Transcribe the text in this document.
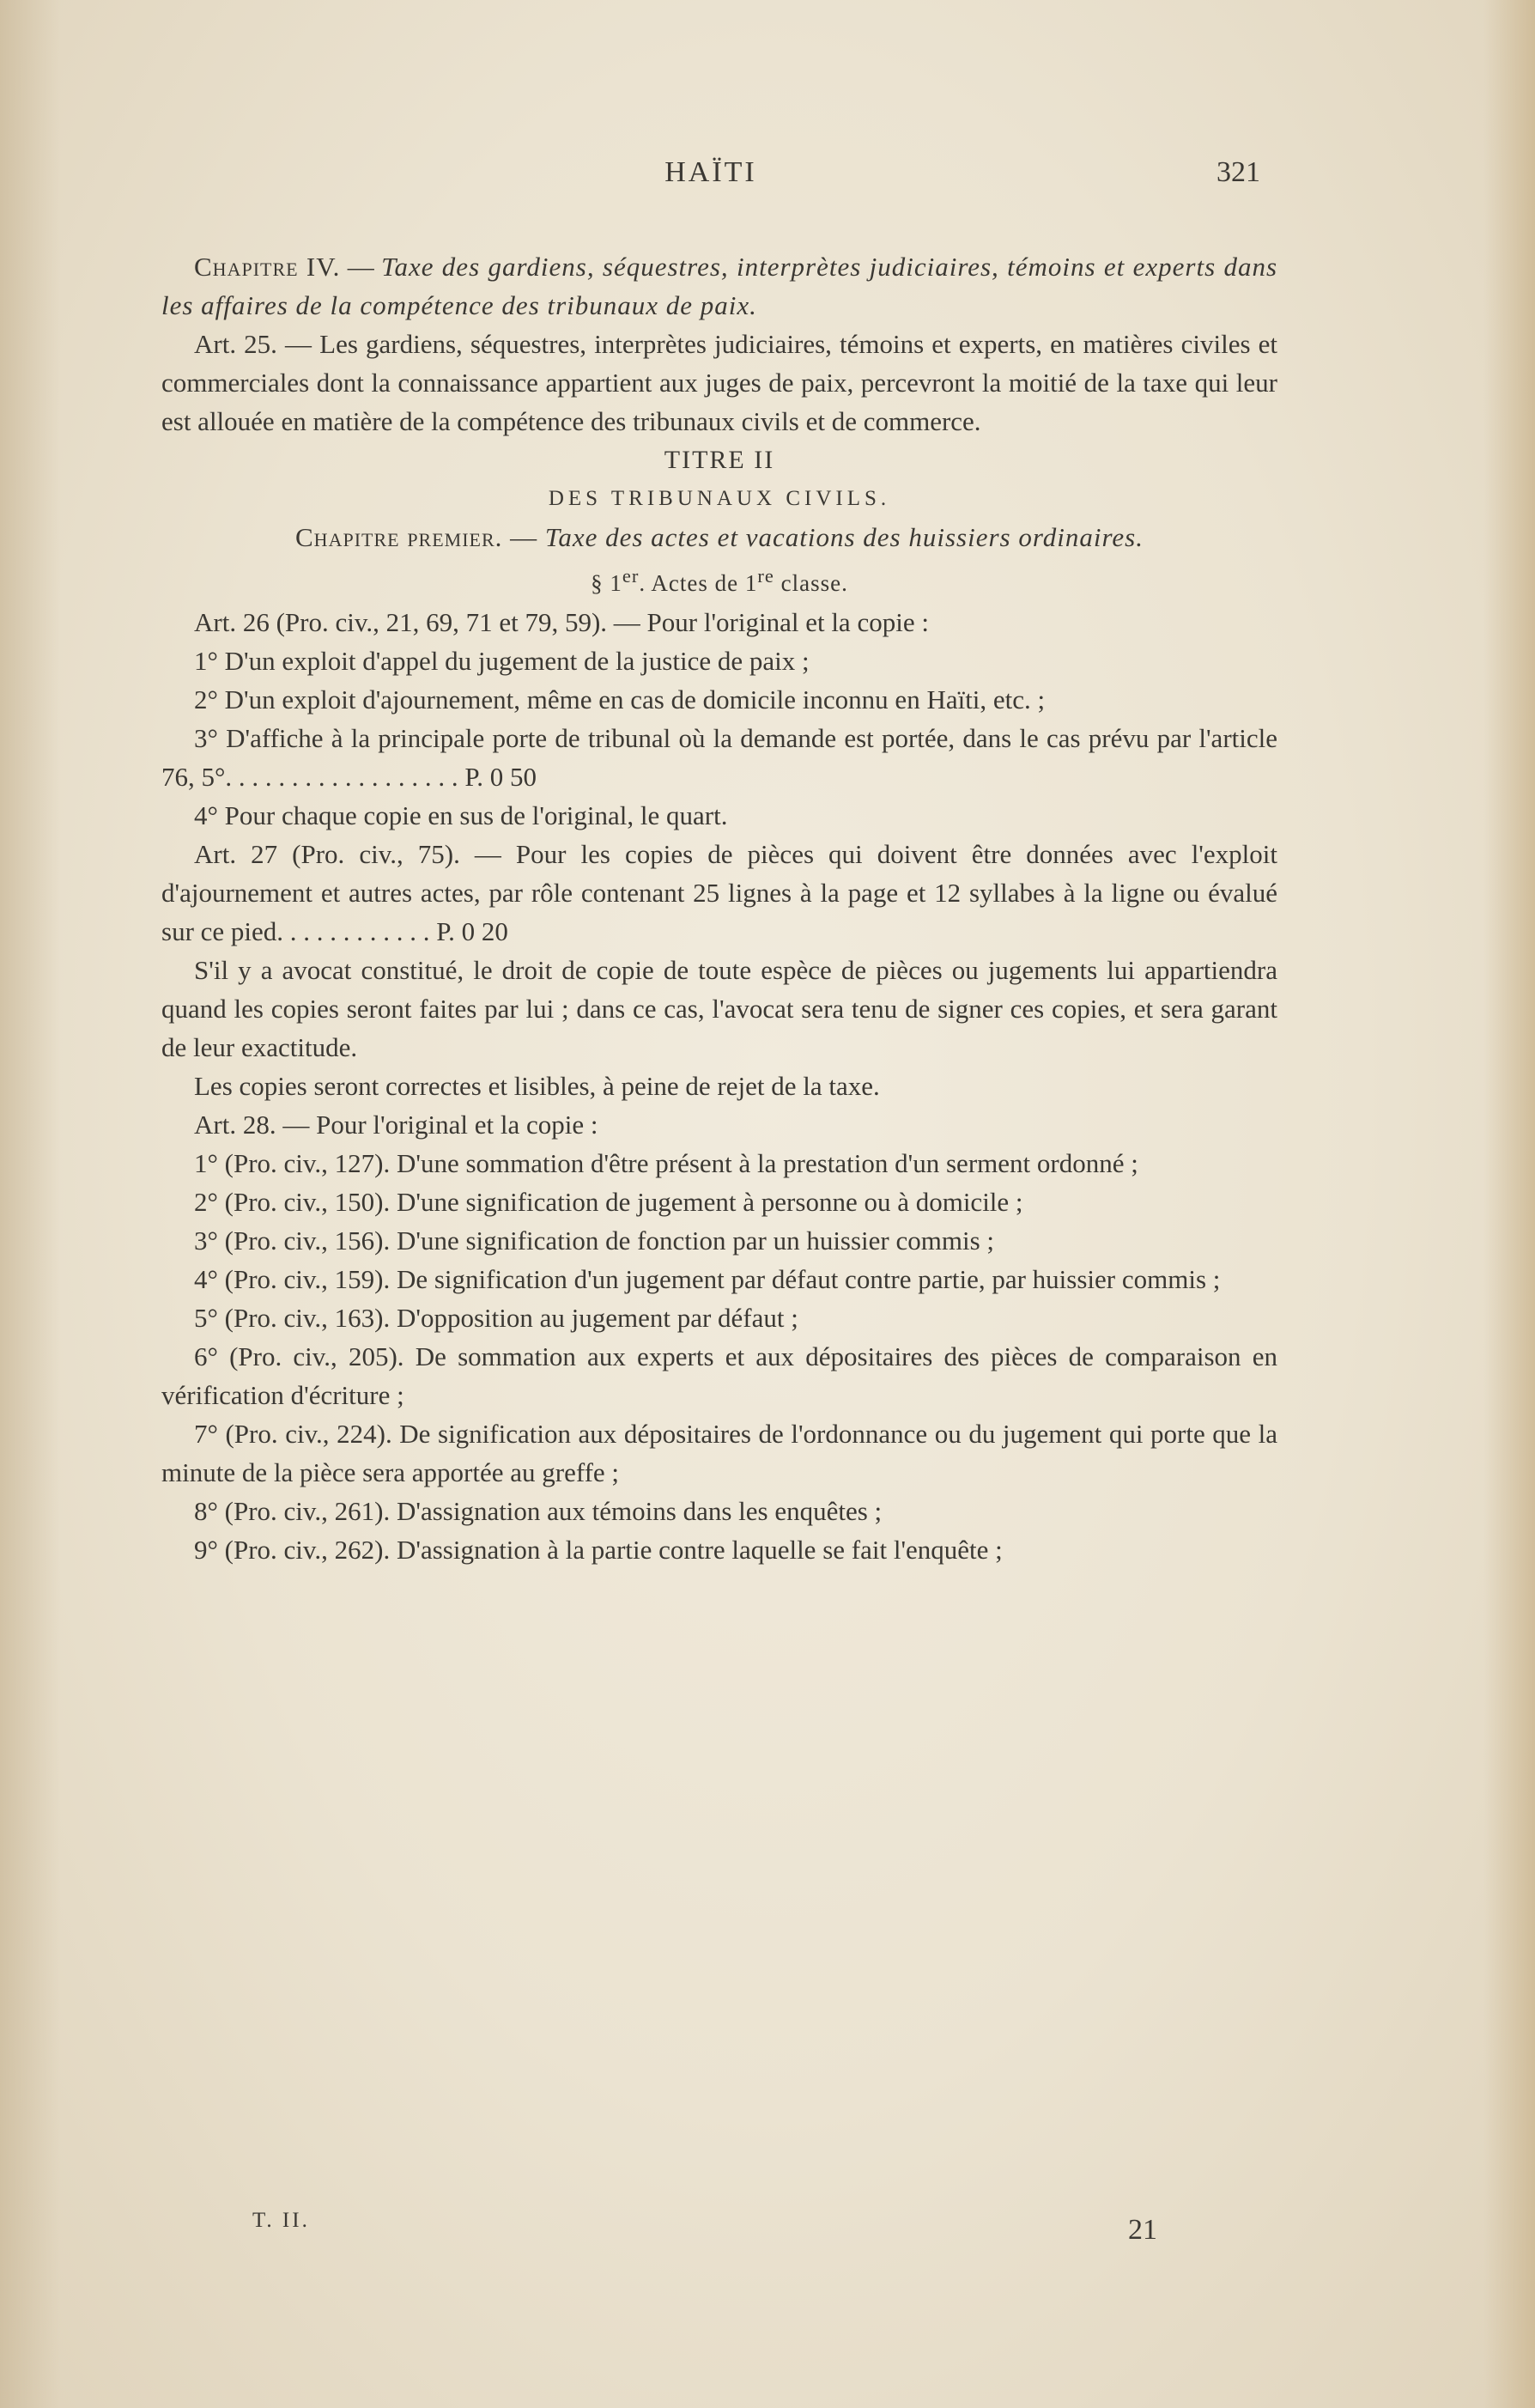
HAÏTI	321

Chapitre IV. — Taxe des gardiens, séquestres, interprètes judiciaires, témoins et experts dans les affaires de la compétence des tribunaux de paix.

Art. 25. — Les gardiens, séquestres, interprètes judiciaires, témoins et experts, en matières civiles et commerciales dont la connaissance appartient aux juges de paix, percevront la moitié de la taxe qui leur est allouée en matière de la compétence des tribunaux civils et de commerce.

TITRE II

DES TRIBUNAUX CIVILS.

Chapitre premier. — Taxe des actes et vacations des huissiers ordinaires.

§ 1er. Actes de 1re classe.

Art. 26 (Pro. civ., 21, 69, 71 et 79, 59). — Pour l'original et la copie :

1° D'un exploit d'appel du jugement de la justice de paix ;

2° D'un exploit d'ajournement, même en cas de domicile inconnu en Haïti, etc. ;

3° D'affiche à la principale porte de tribunal où la demande est portée, dans le cas prévu par l'article 76, 5°. . . . . . . . . . . . . . . . . . P. 0 50

4° Pour chaque copie en sus de l'original, le quart.

Art. 27 (Pro. civ., 75). — Pour les copies de pièces qui doivent être données avec l'exploit d'ajournement et autres actes, par rôle contenant 25 lignes à la page et 12 syllabes à la ligne ou évalué sur ce pied. . . . . . . . . . . . P. 0 20

S'il y a avocat constitué, le droit de copie de toute espèce de pièces ou jugements lui appartiendra quand les copies seront faites par lui ; dans ce cas, l'avocat sera tenu de signer ces copies, et sera garant de leur exactitude.

Les copies seront correctes et lisibles, à peine de rejet de la taxe.

Art. 28. — Pour l'original et la copie :

1° (Pro. civ., 127). D'une sommation d'être présent à la prestation d'un serment ordonné ;

2° (Pro. civ., 150). D'une signification de jugement à personne ou à domicile ;

3° (Pro. civ., 156). D'une signification de fonction par un huissier commis ;

4° (Pro. civ., 159). De signification d'un jugement par défaut contre partie, par huissier commis ;

5° (Pro. civ., 163). D'opposition au jugement par défaut ;

6° (Pro. civ., 205). De sommation aux experts et aux dépositaires des pièces de comparaison en vérification d'écriture ;

7° (Pro. civ., 224). De signification aux dépositaires de l'ordonnance ou du jugement qui porte que la minute de la pièce sera apportée au greffe ;

8° (Pro. civ., 261). D'assignation aux témoins dans les enquêtes ;

9° (Pro. civ., 262). D'assignation à la partie contre laquelle se fait l'enquête ;

T. II.	21
